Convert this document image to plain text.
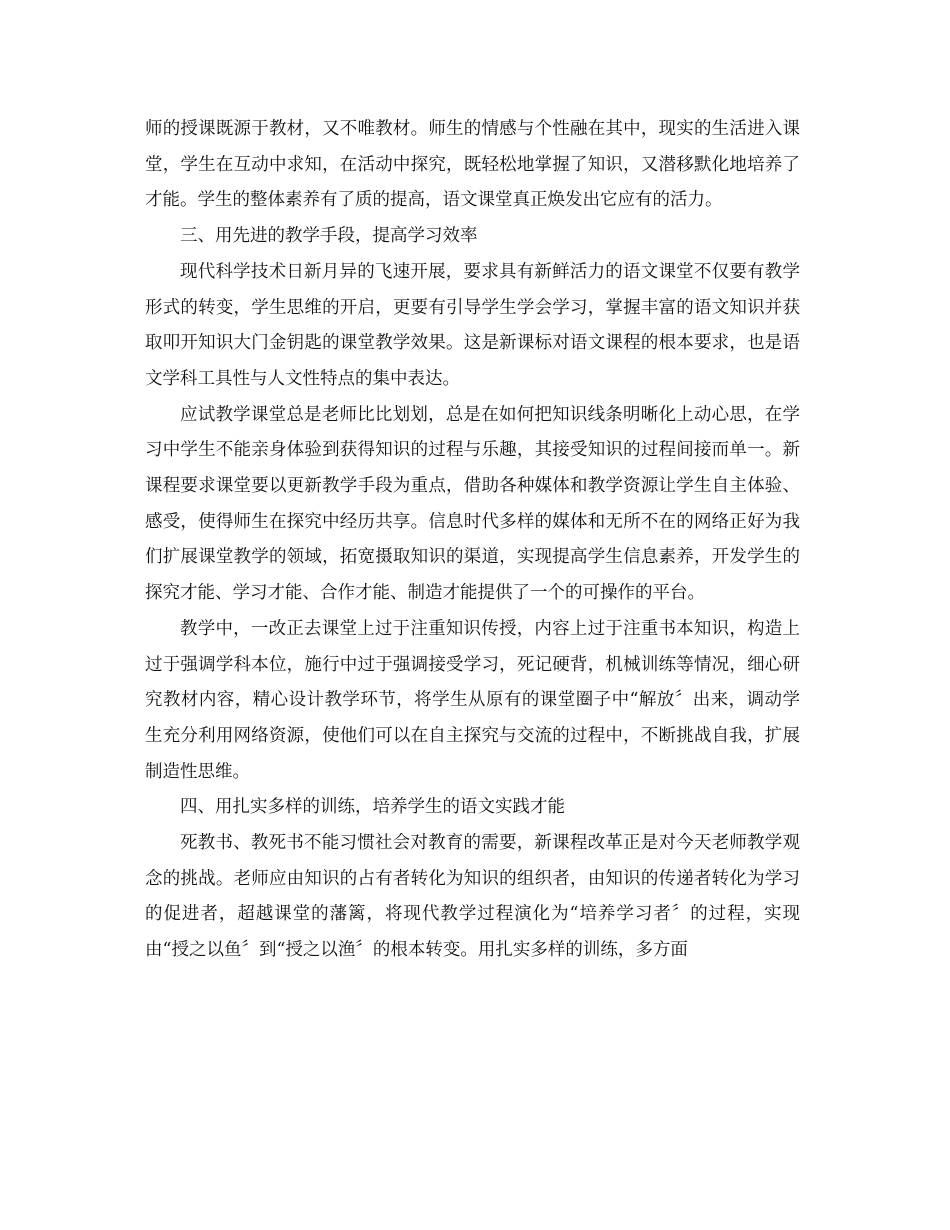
师的授课既源于教材，又不唯教材。师生的情感与个性融在其中，现实的生活进入课堂，学生在互动中求知，在活动中探究，既轻松地掌握了知识，又潜移默化地培养了才能。学生的整体素养有了质的提高，语文课堂真正焕发出它应有的活力。

三、用先进的教学手段，提高学习效率

现代科学技术日新月异的飞速开展，要求具有新鲜活力的语文课堂不仅要有教学形式的转变，学生思维的开启，更要有引导学生学会学习，掌握丰富的语文知识并获取叩开知识大门金钥匙的课堂教学效果。这是新课标对语文课程的根本要求，也是语文学科工具性与人文性特点的集中表达。

应试教学课堂总是老师比比划划，总是在如何把知识线条明晰化上动心思，在学习中学生不能亲身体验到获得知识的过程与乐趣，其接受知识的过程间接而单一。新课程要求课堂要以更新教学手段为重点，借助各种媒体和教学资源让学生自主体验、感受，使得师生在探究中经历共享。信息时代多样的媒体和无所不在的网络正好为我们扩展课堂教学的领域，拓宽摄取知识的渠道，实现提高学生信息素养，开发学生的探究才能、学习才能、合作才能、制造才能提供了一个的可操作的平台。

教学中，一改正去课堂上过于注重知识传授，内容上过于注重书本知识，构造上过于强调学科本位，施行中过于强调接受学习，死记硬背，机械训练等情况，细心研究教材内容，精心设计教学环节，将学生从原有的课堂圈子中“解放〞出来，调动学生充分利用网络资源，使他们可以在自主探究与交流的过程中，不断挑战自我，扩展制造性思维。

四、用扎实多样的训练，培养学生的语文实践才能

死教书、教死书不能习惯社会对教育的需要，新课程改革正是对今天老师教学观念的挑战。老师应由知识的占有者转化为知识的组织者，由知识的传递者转化为学习的促进者，超越课堂的藩篱，将现代教学过程演化为“培养学习者〞的过程，实现由“授之以鱼〞到“授之以渔〞的根本转变。用扎实多样的训练，多方面
